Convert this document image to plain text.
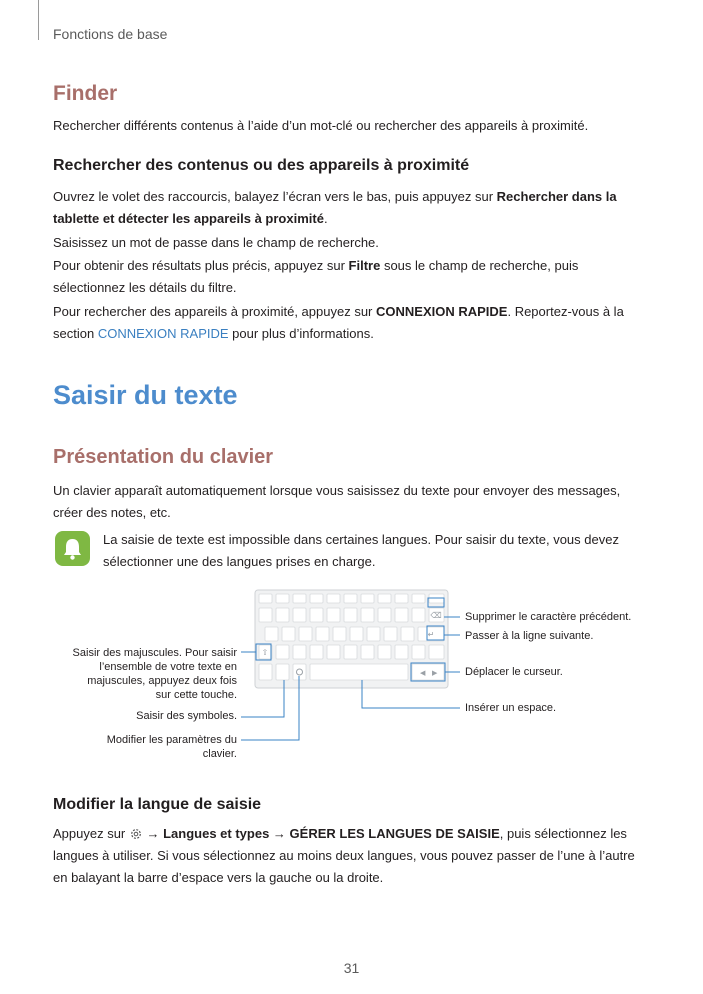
Fonctions de base
Finder
Rechercher différents contenus à l’aide d’un mot-clé ou rechercher des appareils à proximité.
Rechercher des contenus ou des appareils à proximité
Ouvrez le volet des raccourcis, balayez l’écran vers le bas, puis appuyez sur Rechercher dans la
tablette et détecter les appareils à proximité.
Saisissez un mot de passe dans le champ de recherche.
Pour obtenir des résultats plus précis, appuyez sur Filtre sous le champ de recherche, puis
sélectionnez les détails du filtre.
Pour rechercher des appareils à proximité, appuyez sur CONNEXION RAPIDE. Reportez-vous à la
section CONNEXION RAPIDE pour plus d’informations.
Saisir du texte
Présentation du clavier
Un clavier apparaît automatiquement lorsque vous saisissez du texte pour envoyer des messages,
créer des notes, etc.
La saisie de texte est impossible dans certaines langues. Pour saisir du texte, vous devez
sélectionner une des langues prises en charge.
⌫
↵
⇧
◀ ▶
Supprimer le caractère précédent.
Passer à la ligne suivante.
Déplacer le curseur.
Insérer un espace.
Saisir des majuscules. Pour saisir
l’ensemble de votre texte en
majuscules, appuyez deux fois
sur cette touche.
Saisir des symboles.
Modifier les paramètres du
clavier.
Modifier la langue de saisie
Appuyez sur  → Langues et types → GÉRER LES LANGUES DE SAISIE, puis sélectionnez les
langues à utiliser. Si vous sélectionnez au moins deux langues, vous pouvez passer de l’une à l’autre
en balayant la barre d’espace vers la gauche ou la droite.
31
